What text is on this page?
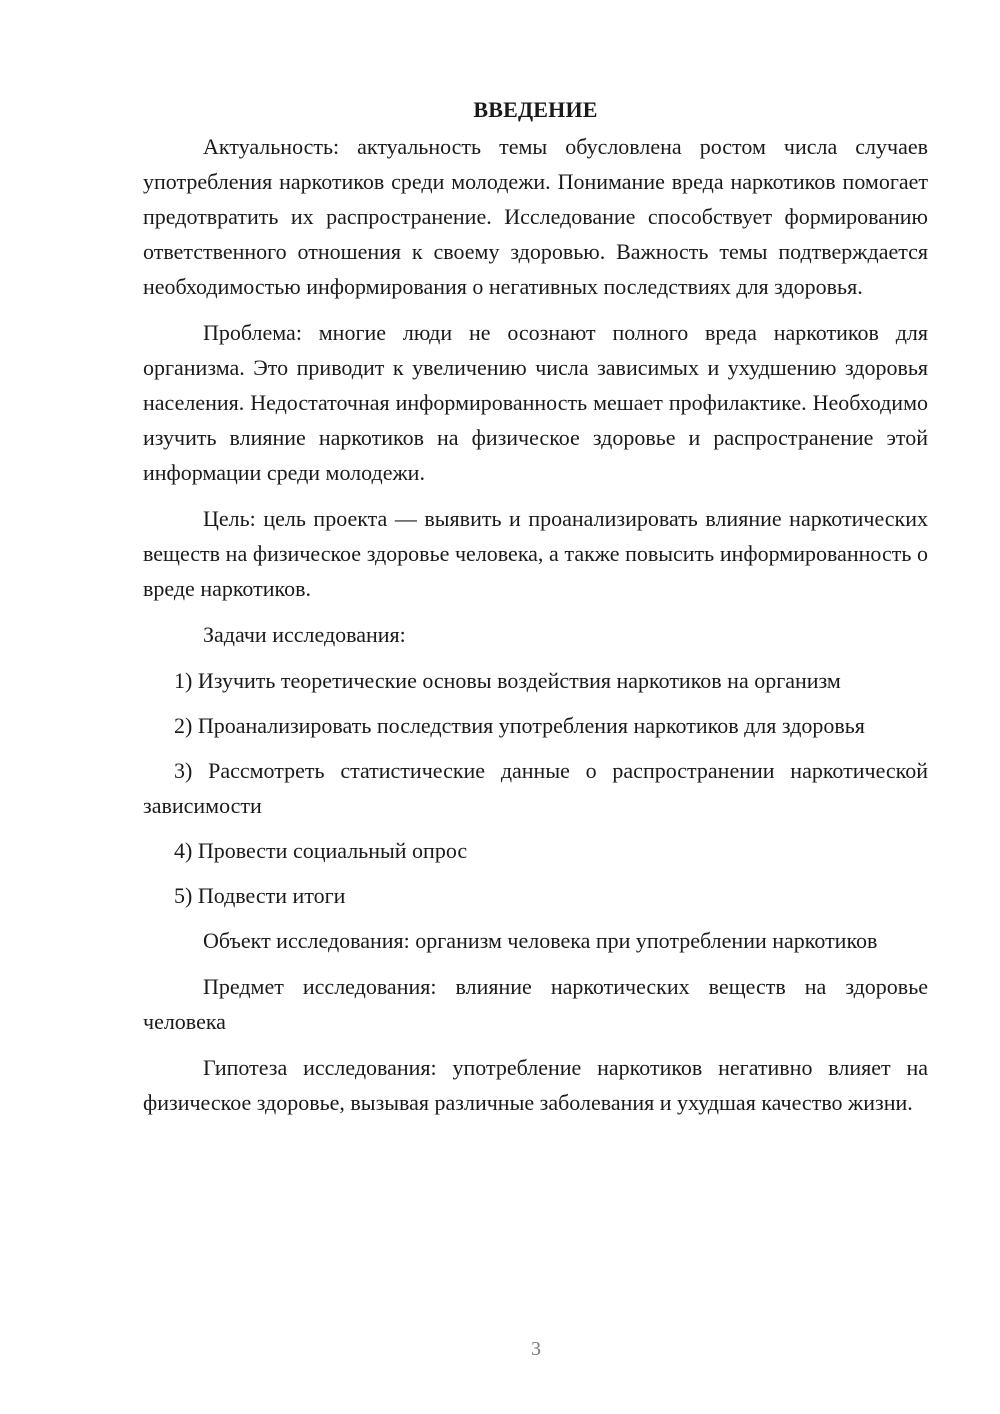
ВВЕДЕНИЕ

Актуальность: актуальность темы обусловлена ростом числа случаев употребления наркотиков среди молодежи. Понимание вреда наркотиков помогает предотвратить их распространение. Исследование способствует формированию ответственного отношения к своему здоровью. Важность темы подтверждается необходимостью информирования о негативных последствиях для здоровья.

Проблема: многие люди не осознают полного вреда наркотиков для организма. Это приводит к увеличению числа зависимых и ухудшению здоровья населения. Недостаточная информированность мешает профилактике. Необходимо изучить влияние наркотиков на физическое здоровье и распространение этой информации среди молодежи.

Цель: цель проекта — выявить и проанализировать влияние наркотических веществ на физическое здоровье человека, а также повысить информированность о вреде наркотиков.

Задачи исследования:

1) Изучить теоретические основы воздействия наркотиков на организм

2) Проанализировать последствия употребления наркотиков для здоровья

3) Рассмотреть статистические данные о распространении наркотической зависимости

4) Провести социальный опрос

5) Подвести итоги

Объект исследования: организм человека при употреблении наркотиков

Предмет исследования: влияние наркотических веществ на здоровье человека

Гипотеза исследования: употребление наркотиков негативно влияет на физическое здоровье, вызывая различные заболевания и ухудшая качество жизни.

3
